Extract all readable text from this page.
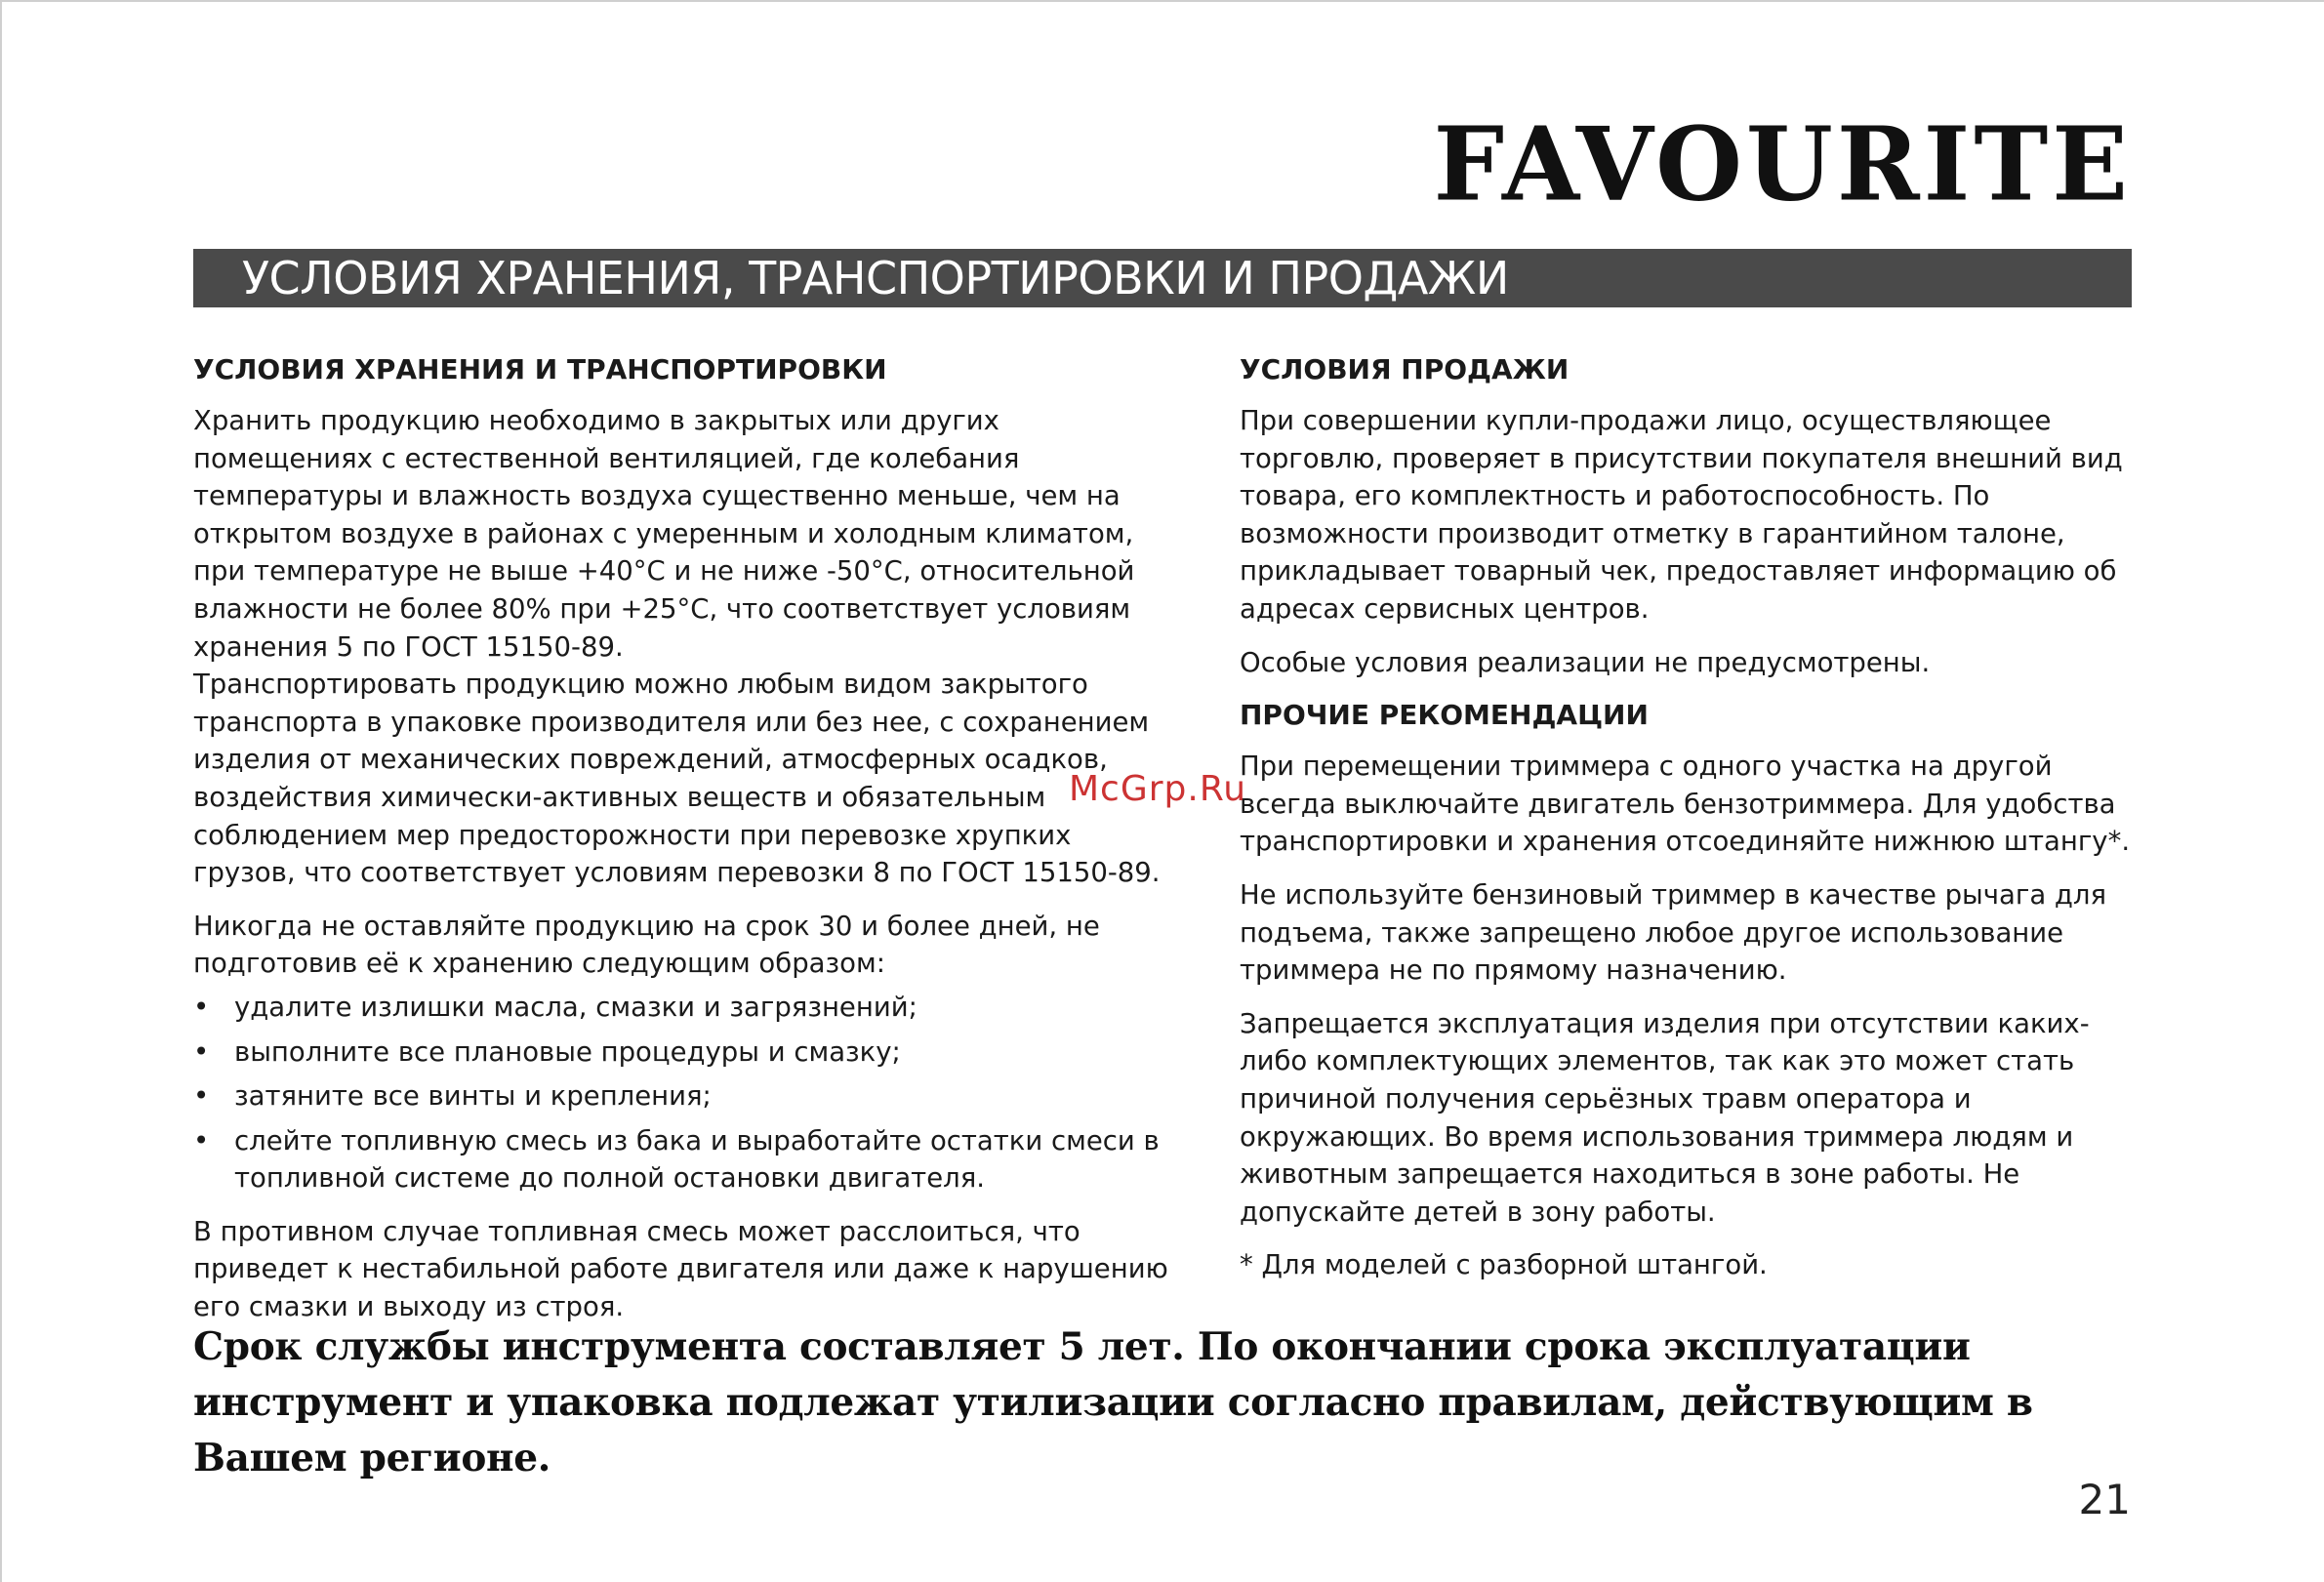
FAVOURITE
УСЛОВИЯ ХРАНЕНИЯ, ТРАНСПОРТИРОВКИ И ПРОДАЖИ
УСЛОВИЯ ХРАНЕНИЯ И ТРАНСПОРТИРОВКИ
Хранить продукцию необходимо в закрытых или других помещениях с естественной вентиляцией, где колебания температуры и влажность воздуха существенно меньше, чем на открытом воздухе в районах с умеренным и холодным климатом, при температуре не выше +40°С и не ниже -50°С, относительной влажности не более 80% при +25°С, что соответствует условиям хранения 5 по ГОСТ 15150-89.
Транспортировать продукцию можно любым видом закрытого транспорта в упаковке производителя или без нее, с сохранением изделия от механических повреждений, атмосферных осадков, воздействия химически-активных веществ и обязательным соблюдением мер предосторожности при перевозке хрупких грузов, что соответствует условиям перевозки 8 по ГОСТ 15150-89.
Никогда не оставляйте продукцию на срок 30 и более дней, не подготовив её к хранению следующим образом:
• удалите излишки масла, смазки и загрязнений;
• выполните все плановые процедуры и смазку;
• затяните все винты и крепления;
• слейте топливную смесь из бака и выработайте остатки смеси в топливной системе до полной остановки двигателя.
В противном случае топливная смесь может расслоиться, что приведет к нестабильной работе двигателя или даже к нарушению его смазки и выходу из строя.
УСЛОВИЯ ПРОДАЖИ
При совершении купли-продажи лицо, осуществляющее торговлю, проверяет в присутствии покупателя внешний вид товара, его комплектность и работоспособность. По возможности производит отметку в гарантийном талоне, прикладывает товарный чек, предоставляет информацию об адресах сервисных центров.
Особые условия реализации не предусмотрены.
ПРОЧИЕ РЕКОМЕНДАЦИИ
При перемещении триммера с одного участка на другой всегда выключайте двигатель бензотриммера. Для удобства транспортировки и хранения отсоединяйте нижнюю штангу*.
Не используйте бензиновый триммер в качестве рычага для подъема, также запрещено любое другое использование триммера не по прямому назначению.
Запрещается эксплуатация изделия при отсутствии каких-либо комплектующих элементов, так как это может стать причиной получения серьёзных травм оператора и окружающих. Во время использования триммера людям и животным запрещается находиться в зоне работы. Не допускайте детей в зону работы.
* Для моделей с разборной штангой.
McGrp.Ru
Срок службы инструмента составляет 5 лет. По окончании срока эксплуатации инструмент и упаковка подлежат утилизации согласно правилам, действующим в Вашем регионе.
21
